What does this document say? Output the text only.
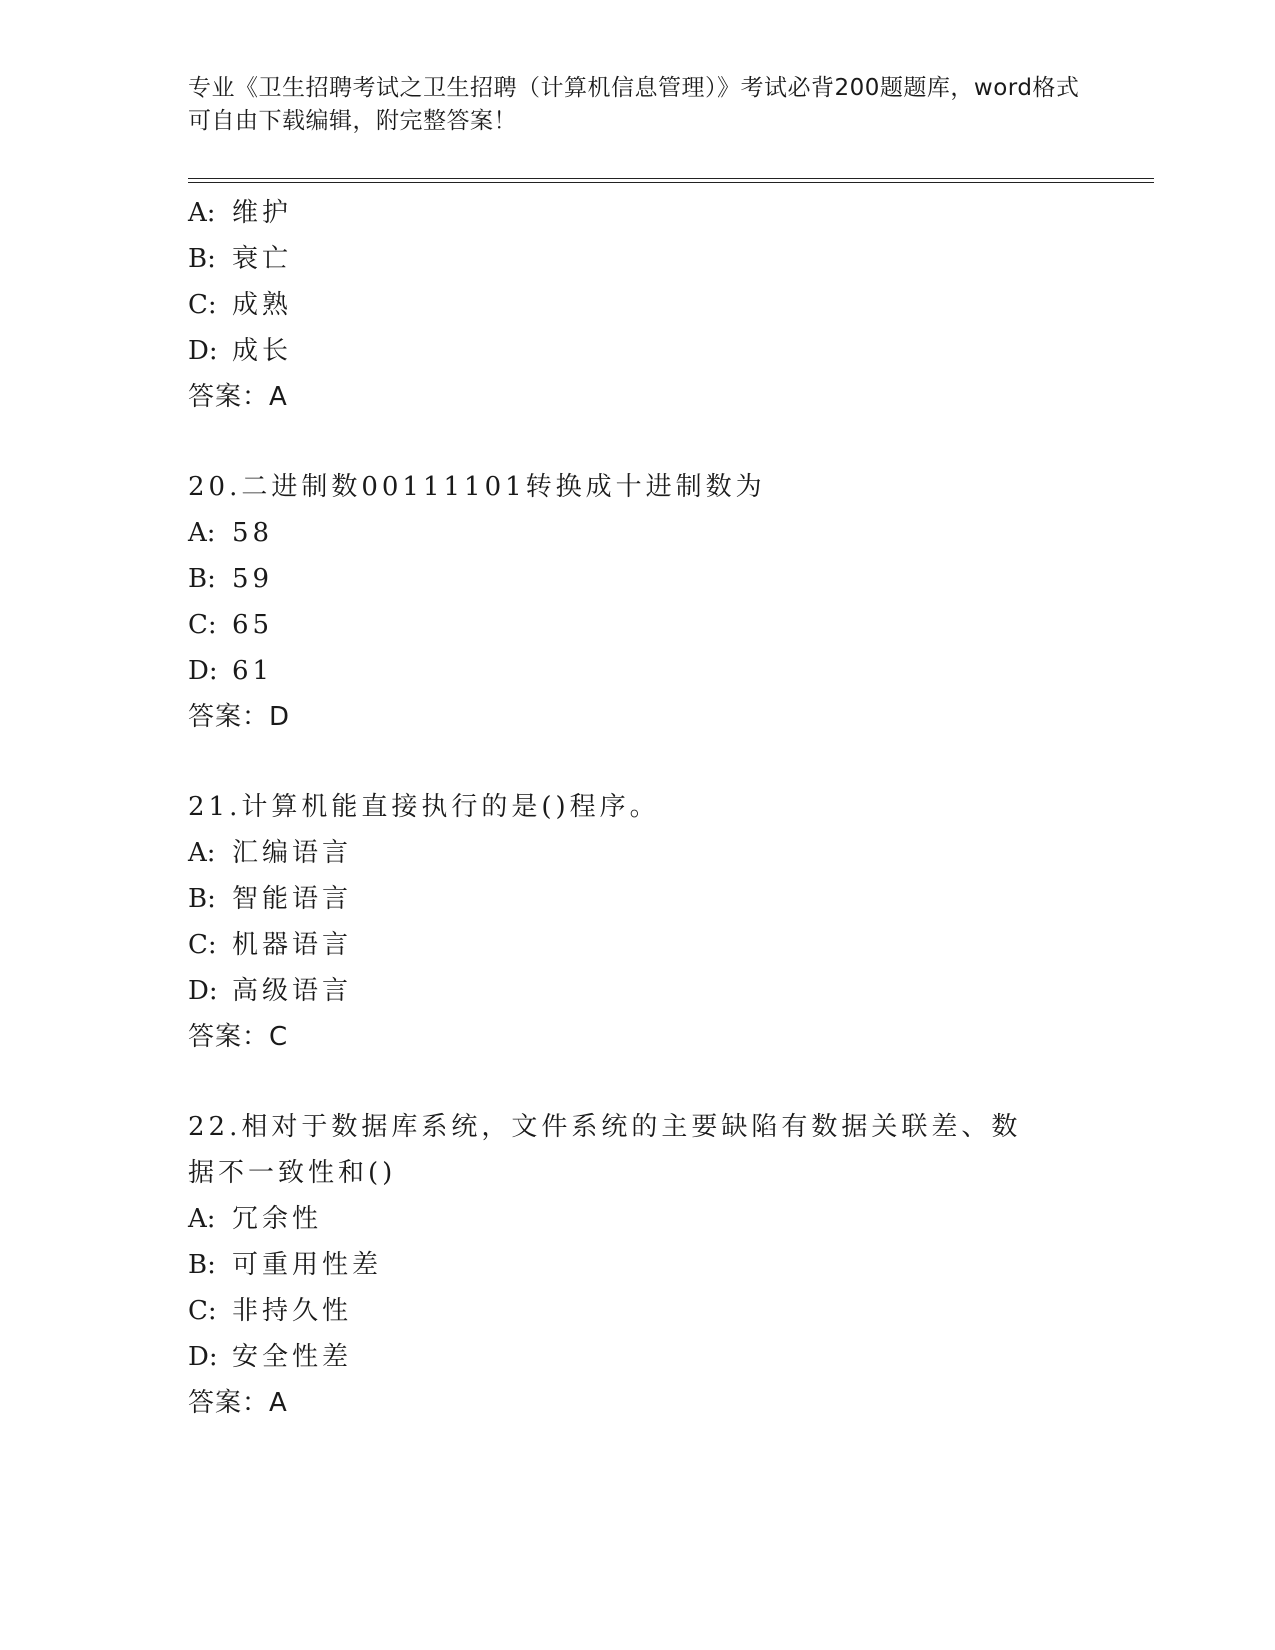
专业《卫生招聘考试之卫生招聘（计算机信息管理）》考试必背200题题库，word格式可自由下载编辑，附完整答案！
A: 维护
B: 衰亡
C: 成熟
D: 成长
答案：A
20.二进制数00111101转换成十进制数为
A: 58
B: 59
C: 65
D: 61
答案：D
21.计算机能直接执行的是()程序。
A: 汇编语言
B: 智能语言
C: 机器语言
D: 高级语言
答案：C
22.相对于数据库系统，文件系统的主要缺陷有数据关联差、数据不一致性和()
A: 冗余性
B: 可重用性差
C: 非持久性
D: 安全性差
答案：A
